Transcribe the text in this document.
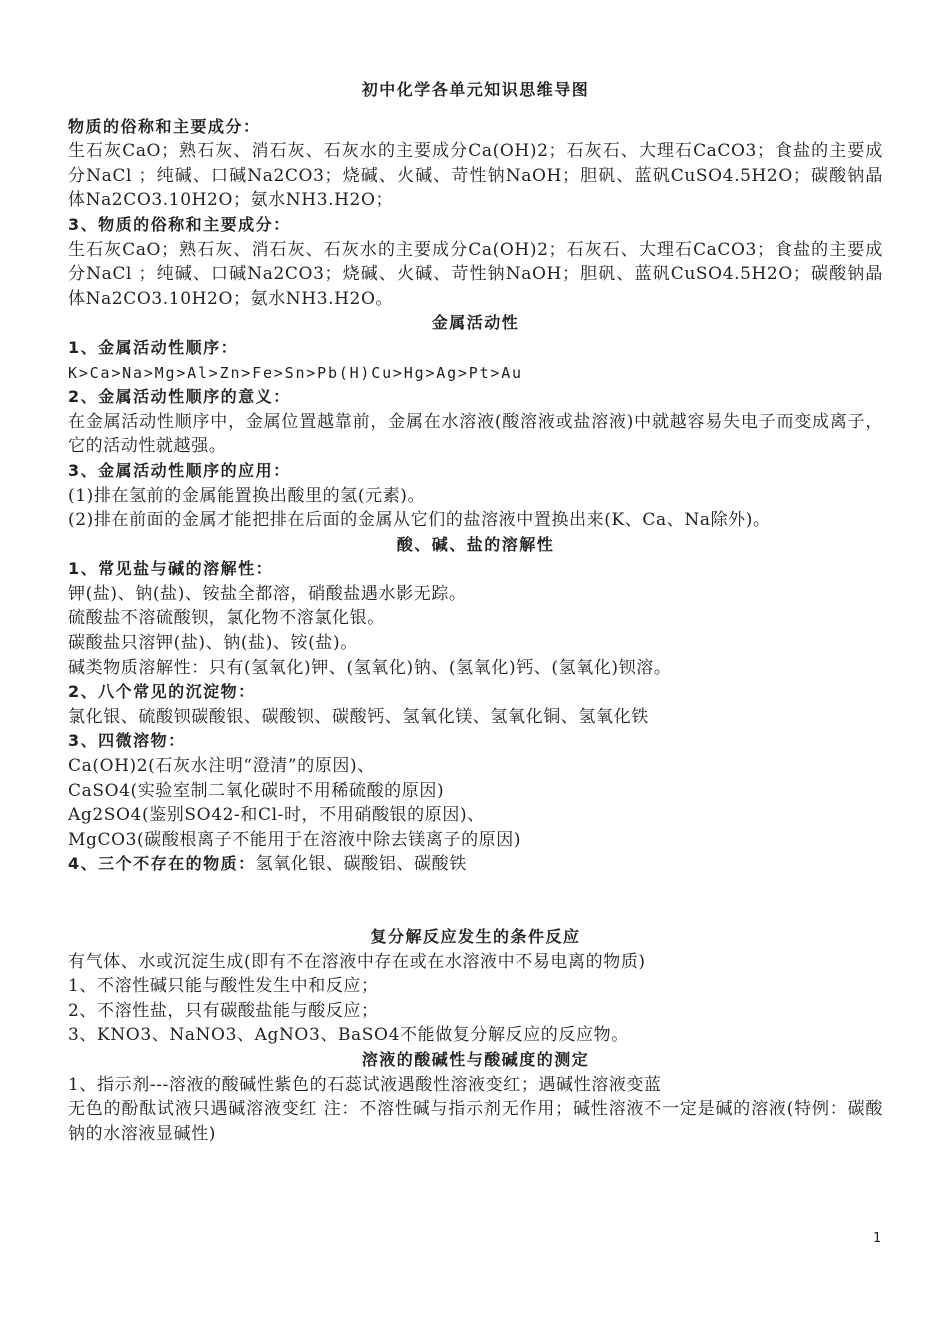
初中化学各单元知识思维导图
物质的俗称和主要成分：
生石灰CaO；熟石灰、消石灰、石灰水的主要成分Ca(OH)2；石灰石、大理石CaCO3；食盐的主要成分NaCl ；纯碱、口碱Na2CO3；烧碱、火碱、苛性钠NaOH；胆矾、蓝矾CuSO4.5H2O；碳酸钠晶体Na2CO3.10H2O；氨水NH3.H2O；
3、物质的俗称和主要成分：
生石灰CaO；熟石灰、消石灰、石灰水的主要成分Ca(OH)2；石灰石、大理石CaCO3；食盐的主要成分NaCl ；纯碱、口碱Na2CO3；烧碱、火碱、苛性钠NaOH；胆矾、蓝矾CuSO4.5H2O；碳酸钠晶体Na2CO3.10H2O；氨水NH3.H2O。
金属活动性
1、金属活动性顺序：
K>Ca>Na>Mg>Al>Zn>Fe>Sn>Pb(H)Cu>Hg>Ag>Pt>Au
2、金属活动性顺序的意义：
在金属活动性顺序中，金属位置越靠前，金属在水溶液(酸溶液或盐溶液)中就越容易失电子而变成离子，它的活动性就越强。
3、金属活动性顺序的应用：
(1)排在氢前的金属能置换出酸里的氢(元素)。
(2)排在前面的金属才能把排在后面的金属从它们的盐溶液中置换出来(K、Ca、Na除外)。
酸、碱、盐的溶解性
1、常见盐与碱的溶解性：
钾(盐)、钠(盐)、铵盐全都溶，硝酸盐遇水影无踪。
硫酸盐不溶硫酸钡，氯化物不溶氯化银。
碳酸盐只溶钾(盐)、钠(盐)、铵(盐)。
碱类物质溶解性：只有(氢氧化)钾、(氢氧化)钠、(氢氧化)钙、(氢氧化)钡溶。
2、八个常见的沉淀物：
氯化银、硫酸钡碳酸银、碳酸钡、碳酸钙、氢氧化镁、氢氧化铜、氢氧化铁
3、四微溶物：
Ca(OH)2(石灰水注明“澄清”的原因)、
CaSO4(实验室制二氧化碳时不用稀硫酸的原因)
Ag2SO4(鉴别SO42-和Cl-时，不用硝酸银的原因)、
MgCO3(碳酸根离子不能用于在溶液中除去镁离子的原因)
4、三个不存在的物质：氢氧化银、碳酸铝、碳酸铁
复分解反应发生的条件反应
有气体、水或沉淀生成(即有不在溶液中存在或在水溶液中不易电离的物质)
1、不溶性碱只能与酸性发生中和反应；
2、不溶性盐，只有碳酸盐能与酸反应；
3、KNO3、NaNO3、AgNO3、BaSO4不能做复分解反应的反应物。
溶液的酸碱性与酸碱度的测定
1、指示剂---溶液的酸碱性紫色的石蕊试液遇酸性溶液变红；遇碱性溶液变蓝
无色的酚酞试液只遇碱溶液变红 注：不溶性碱与指示剂无作用；碱性溶液不一定是碱的溶液(特例：碳酸钠的水溶液显碱性)
1
